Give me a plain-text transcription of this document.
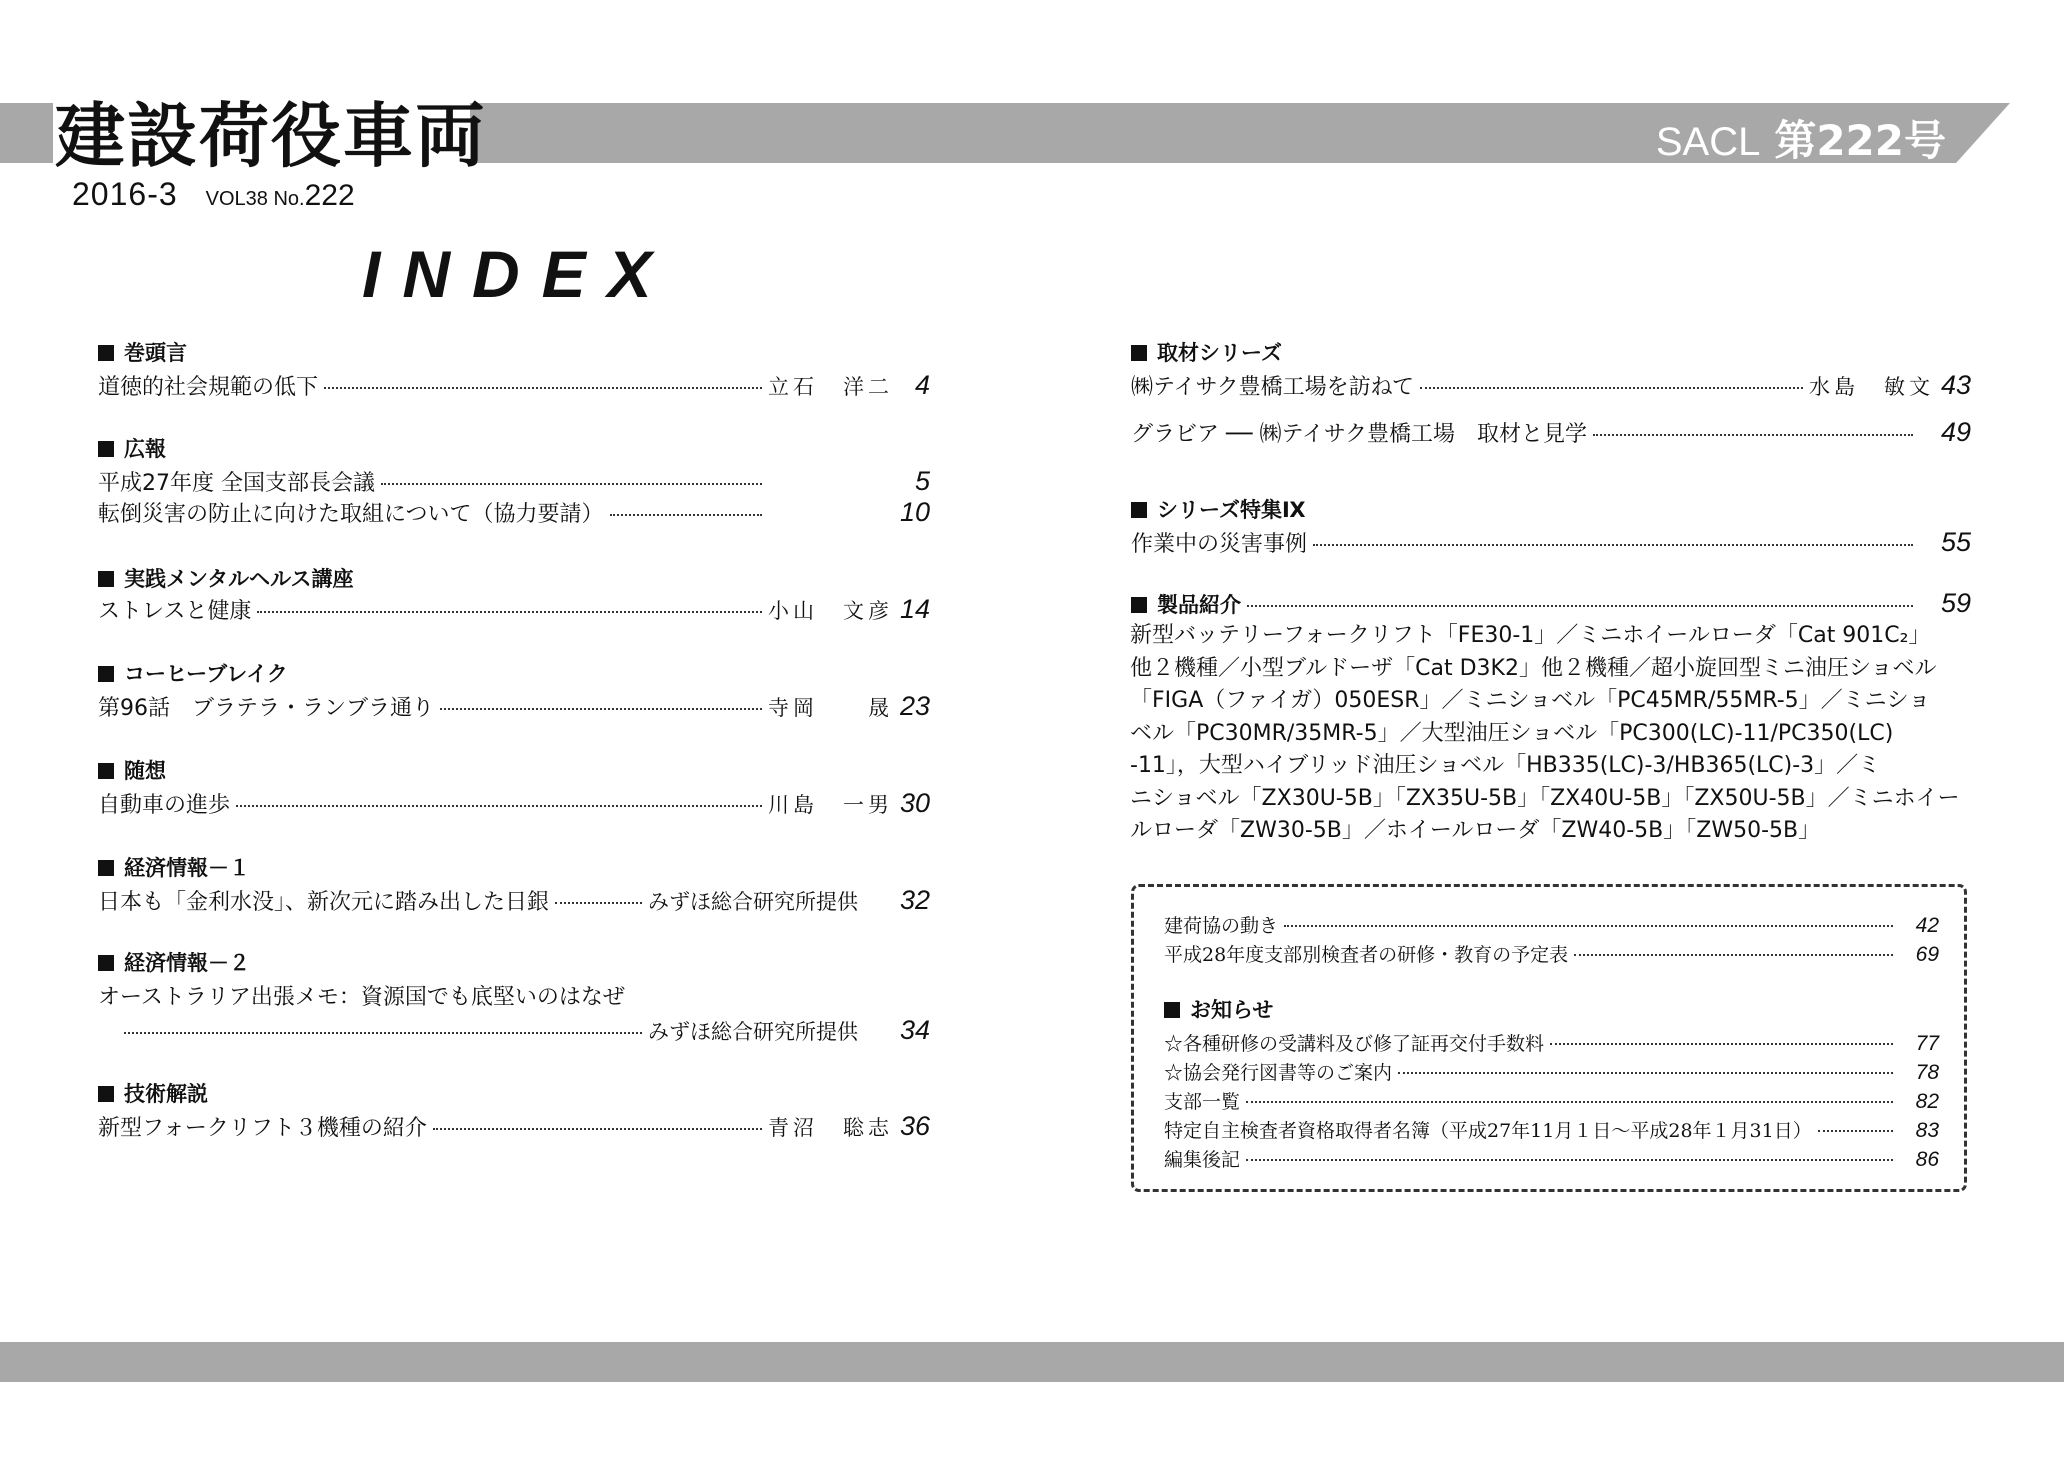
建設荷役車両	SACL 第222号
2016-3 VOL38 No.222
INDEX
巻頭言
道徳的社会規範の低下	立石　洋二 4
広報
平成27年度 全国支部長会議	5
転倒災害の防止に向けた取組について（協力要請）	10
実践メンタルヘルス講座
ストレスと健康	小山　文彦 14
コーヒーブレイク
第96話　ブラテラ・ランブラ通り	寺岡　　晟 23
随想
自動車の進歩	川島　一男 30
経済情報－１
日本も「金利水没」、新次元に踏み出した日銀	みずほ総合研究所提供	32
経済情報－２
オーストラリア出張メモ：資源国でも底堅いのはなぜ
みずほ総合研究所提供	34
技術解説
新型フォークリフト３機種の紹介	青沼　聡志 36
取材シリーズ
㈱テイサク豊橋工場を訪ねて	水島　敏文 43
グラビア ── ㈱テイサク豊橋工場　取材と見学	49
シリーズ特集Ⅸ
作業中の災害事例	55
製品紹介	59
新型バッテリーフォークリフト「FE30-1」／ミニホイールローダ「Cat 901C₂」
他２機種／小型ブルドーザ「Cat D3K2」他２機種／超小旋回型ミニ油圧ショベル
「FIGA（ファイガ）050ESR」／ミニショベル「PC45MR/55MR-5」／ミニショ
ベル「PC30MR/35MR-5」／大型油圧ショベル「PC300(LC)-11/PC350(LC)
-11」，大型ハイブリッド油圧ショベル「HB335(LC)-3/HB365(LC)-3」／ミ
ニショベル「ZX30U-5B」「ZX35U-5B」「ZX40U-5B」「ZX50U-5B」／ミニホイー
ルローダ「ZW30-5B」／ホイールローダ「ZW40-5B」「ZW50-5B」
建荷協の動き	42
平成28年度支部別検査者の研修・教育の予定表	69
お知らせ
☆各種研修の受講料及び修了証再交付手数料	77
☆協会発行図書等のご案内	78
支部一覧	82
特定自主検査者資格取得者名簿（平成27年11月１日～平成28年１月31日）	83
編集後記	86
